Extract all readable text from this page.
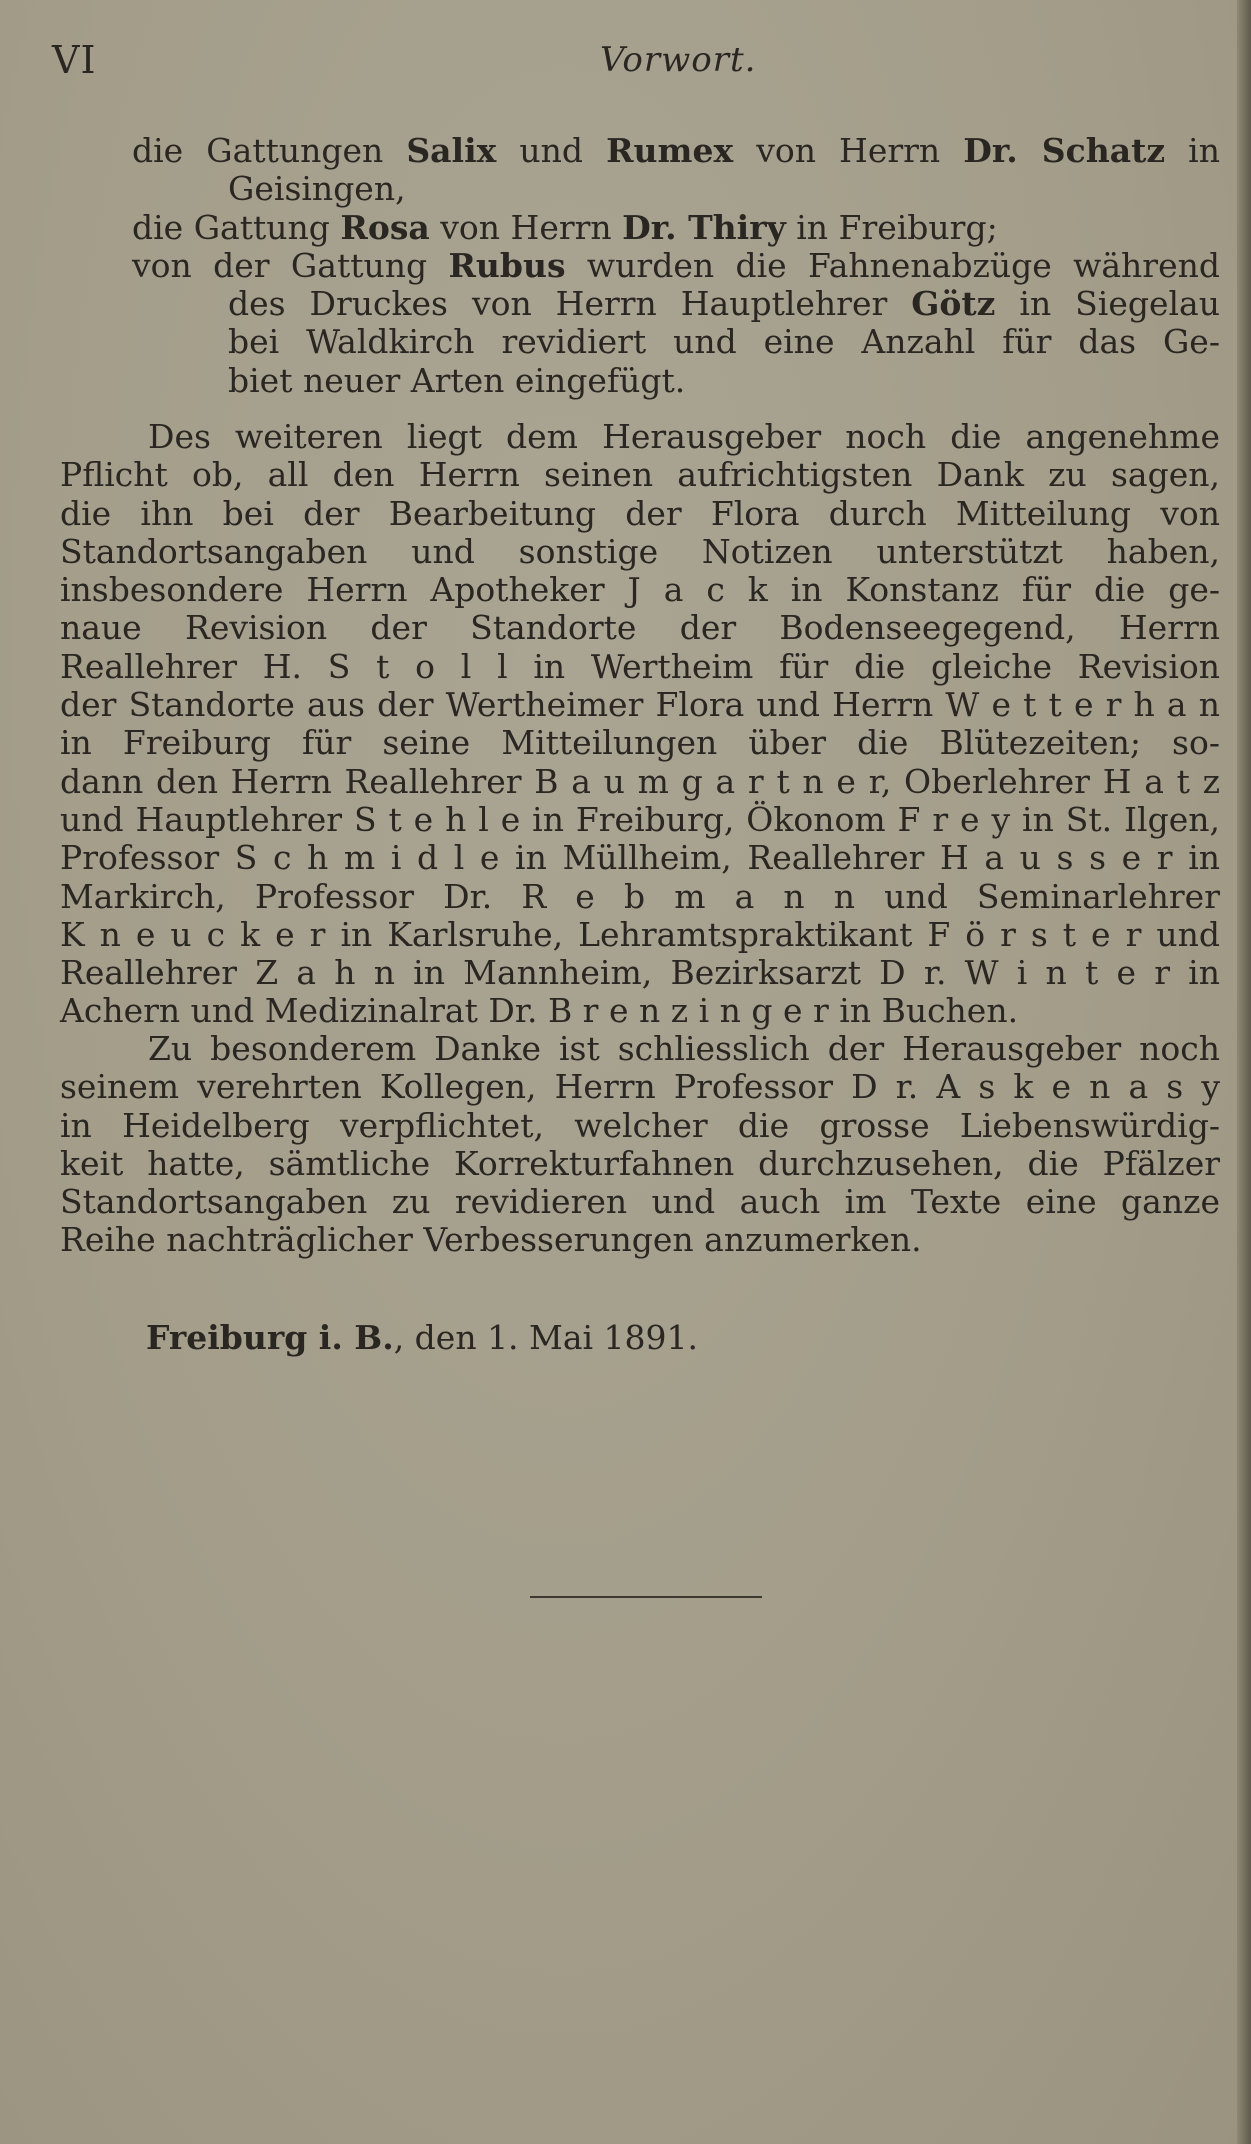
VI	Vorwort.
die Gattungen Salix und Rumex von Herrn Dr. Schatz in
Geisingen,
die Gattung Rosa von Herrn Dr. Thiry in Freiburg;
von der Gattung Rubus wurden die Fahnenabzüge während
des Druckes von Herrn Hauptlehrer Götz in Siegelau
bei Waldkirch revidiert und eine Anzahl für das Ge-
biet neuer Arten eingefügt.
Des weiteren liegt dem Herausgeber noch die angenehme
Pflicht ob, all den Herrn seinen aufrichtigsten Dank zu sagen,
die ihn bei der Bearbeitung der Flora durch Mitteilung von
Standortsangaben und sonstige Notizen unterstützt haben,
insbesondere Herrn Apotheker J a c k in Konstanz für die ge-
naue Revision der Standorte der Bodenseegegend, Herrn
Reallehrer H. S t o l l in Wertheim für die gleiche Revision
der Standorte aus der Wertheimer Flora und Herrn W e t t e r h a n
in Freiburg für seine Mitteilungen über die Blütezeiten; so-
dann den Herrn Reallehrer B a u m g a r t n e r, Oberlehrer H a t z
und Hauptlehrer S t e h l e in Freiburg, Ökonom F r e y in St. Ilgen,
Professor S c h m i d l e in Müllheim, Reallehrer H a u s s e r in
Markirch, Professor Dr. R e b m a n n und Seminarlehrer
K n e u c k e r in Karlsruhe, Lehramtspraktikant F ö r s t e r und
Reallehrer Z a h n in Mannheim, Bezirksarzt D r. W i n t e r in
Achern und Medizinalrat Dr. B r e n z i n g e r in Buchen.
Zu besonderem Danke ist schliesslich der Herausgeber noch
seinem verehrten Kollegen, Herrn Professor D r. A s k e n a s y
in Heidelberg verpflichtet, welcher die grosse Liebenswürdig-
keit hatte, sämtliche Korrekturfahnen durchzusehen, die Pfälzer
Standortsangaben zu revidieren und auch im Texte eine ganze
Reihe nachträglicher Verbesserungen anzumerken.
Freiburg i. B., den 1. Mai 1891.
